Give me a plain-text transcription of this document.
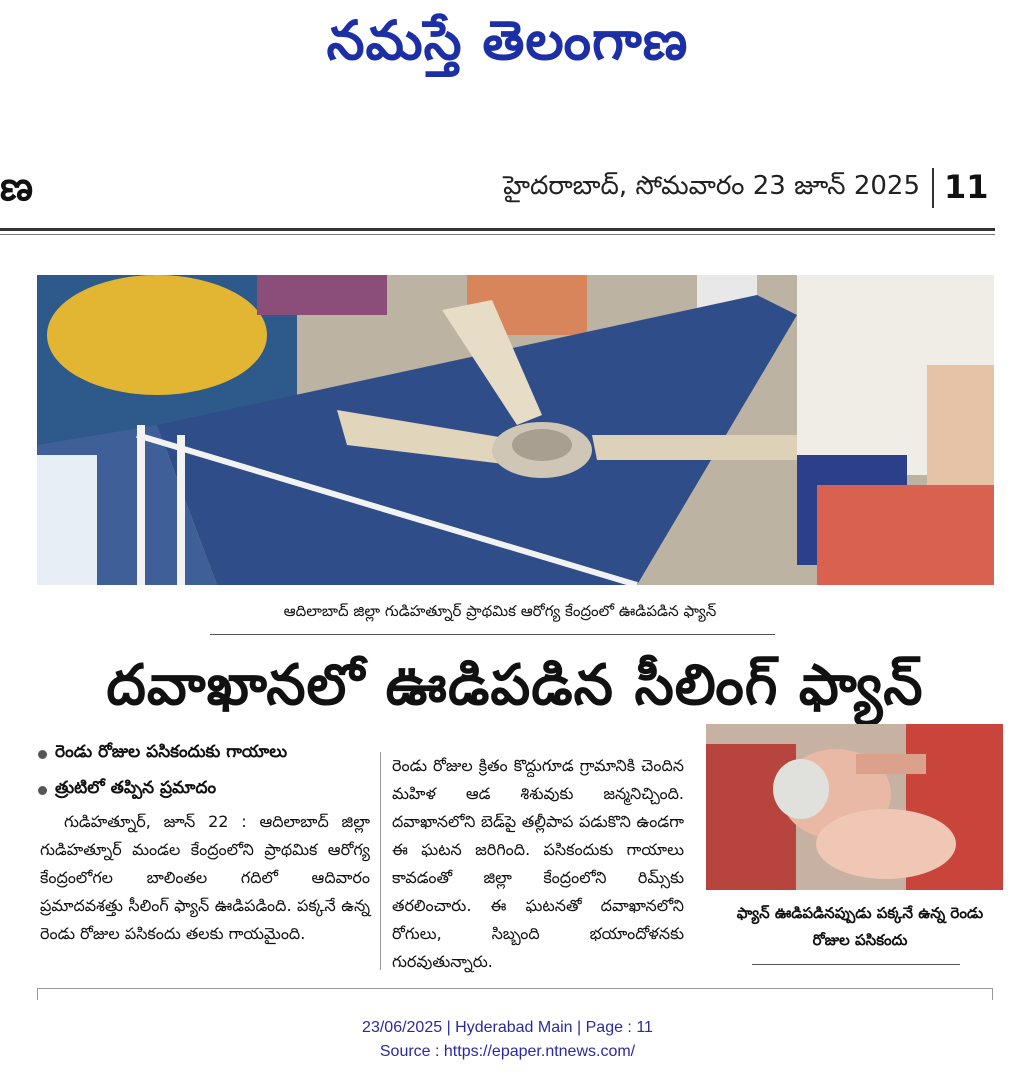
నమస్తే తెలంగాణ
ణ	హైదరాబాద్, సోమవారం 23 జూన్ 2025 11
ఆదిలాబాద్ జిల్లా గుడిహత్నూర్ ప్రాథమిక ఆరోగ్య కేంద్రంలో ఊడిపడిన ఫ్యాన్
దవాఖానలో ఊడిపడిన సీలింగ్ ఫ్యాన్
రెండు రోజుల పసికందుకు గాయాలు
త్రుటిలో తప్పిన ప్రమాదం
గుడిహత్నూర్, జూన్ 22 : ఆదిలాబాద్ జిల్లా గుడిహత్నూర్ మండల కేంద్రంలోని ప్రాథమిక ఆరోగ్య కేంద్రంలోగల బాలింతల గదిలో ఆదివారం ప్రమాదవశత్తు సీలింగ్ ఫ్యాన్ ఊడిపడింది. పక్కనే ఉన్న రెండు రోజుల పసికందు తలకు గాయమైంది.
రెండు రోజుల క్రితం కొద్దుగూడ గ్రామానికి చెందిన మహిళ ఆడ శిశువుకు జన్మనిచ్చింది. దవాఖానలోని బెడ్‌పై తల్లీపాప పడుకొని ఉండగా ఈ ఘటన జరిగింది. పసికందుకు గాయాలు కావడంతో జిల్లా కేంద్రంలోని రిమ్స్‌కు తరలించారు. ఈ ఘటనతో దవాఖానలోని రోగులు, సిబ్బంది భయాందోళనకు గురవుతున్నారు.
ఫ్యాన్ ఊడిపడినప్పుడు పక్కనే ఉన్న రెండు రోజుల పసికందు
23/06/2025 | Hyderabad Main | Page : 11
Source : https://epaper.ntnews.com/
